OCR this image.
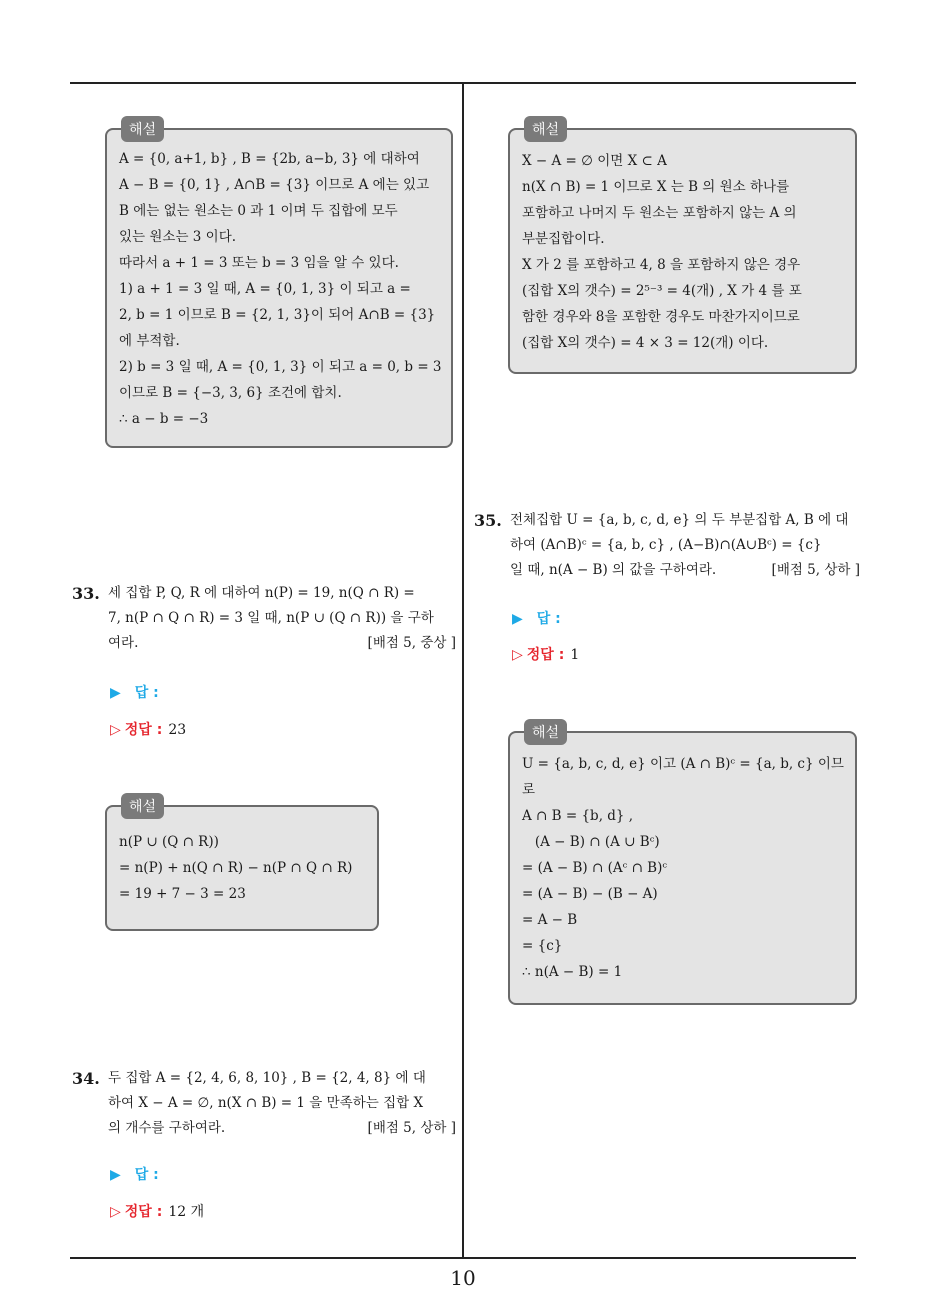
해설
A = {0, a+1, b} , B = {2b, a−b, 3} 에 대하여
A − B = {0, 1} , A∩B = {3} 이므로 A 에는 있고
B 에는 없는 원소는 0 과 1 이며 두 집합에 모두
있는 원소는 3 이다.
따라서 a + 1 = 3 또는 b = 3 임을 알 수 있다.
1) a + 1 = 3 일 때, A = {0, 1, 3} 이 되고 a =
2, b = 1 이므로 B = {2, 1, 3}이 되어 A∩B = {3}
에 부적합.
2) b = 3 일 때, A = {0, 1, 3} 이 되고 a = 0, b = 3
이므로 B = {−3, 3, 6} 조건에 합치.
∴ a − b = −3
33. 세 집합 P, Q, R 에 대하여 n(P) = 19, n(Q ∩ R) =
7, n(P ∩ Q ∩ R) = 3 일 때, n(P ∪ (Q ∩ R)) 을 구하
여라.	[배점 5, 중상 ]
▶ 답 :
▷ 정답 : 23
해설
n(P ∪ (Q ∩ R))
= n(P) + n(Q ∩ R) − n(P ∩ Q ∩ R)
= 19 + 7 − 3 = 23
34. 두 집합 A = {2, 4, 6, 8, 10} , B = {2, 4, 8} 에 대
하여 X − A = ∅, n(X ∩ B) = 1 을 만족하는 집합 X
의 개수를 구하여라.	[배점 5, 상하 ]
▶ 답 :
▷ 정답 : 12 개
해설
X − A = ∅ 이면 X ⊂ A
n(X ∩ B) = 1 이므로 X 는 B 의 원소 하나를
포함하고 나머지 두 원소는 포함하지 않는 A 의
부분집합이다.
X 가 2 를 포함하고 4, 8 을 포함하지 않은 경우
(집합 X의 갯수) = 2⁵⁻³ = 4(개) , X 가 4 를 포
함한 경우와 8을 포함한 경우도 마찬가지이므로
(집합 X의 갯수) = 4 × 3 = 12(개) 이다.
35. 전체집합 U = {a, b, c, d, e} 의 두 부분집합 A, B 에 대
하여 (A∩B)ᶜ = {a, b, c} , (A−B)∩(A∪Bᶜ) = {c}
일 때, n(A − B) 의 값을 구하여라.	[배점 5, 상하 ]
▶ 답 :
▷ 정답 : 1
해설
U = {a, b, c, d, e} 이고 (A ∩ B)ᶜ = {a, b, c} 이므
로
A ∩ B = {b, d} ,
(A − B) ∩ (A ∪ Bᶜ)
= (A − B) ∩ (Aᶜ ∩ B)ᶜ
= (A − B) − (B − A)
= A − B
= {c}
∴ n(A − B) = 1
10
